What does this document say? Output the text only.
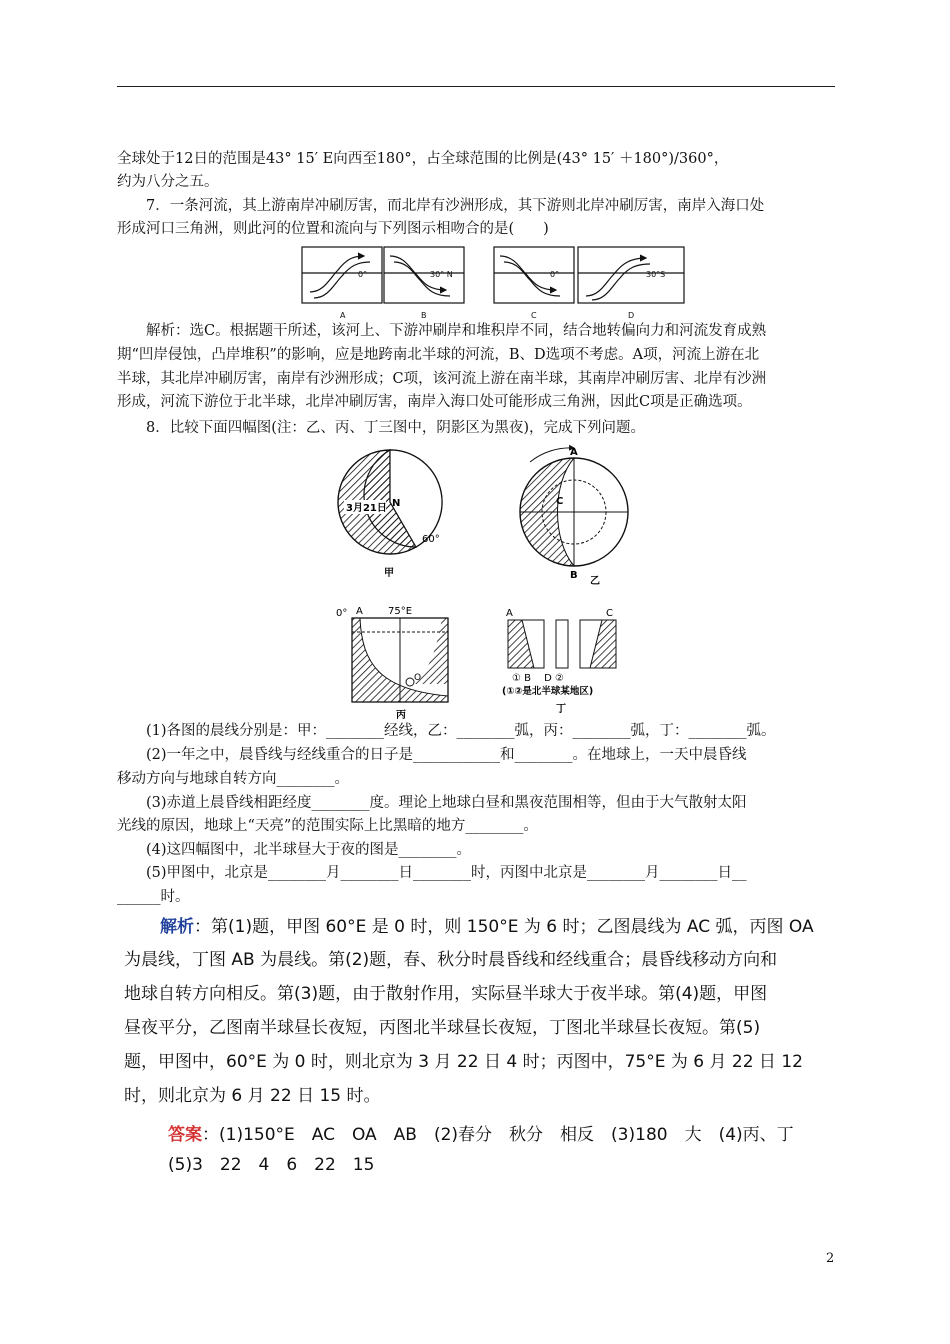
全球处于12日的范围是43° 15′ E向西至180°，占全球范围的比例是(43° 15′ ＋180°)/360°，
约为八分之五。
7．一条河流，其上游南岸冲刷厉害，而北岸有沙洲形成，其下游则北岸冲刷厉害，南岸入海口处
形成河口三角洲，则此河的位置和流向与下列图示相吻合的是(　　)
0°	30° N	0°	30°S
A	B	C	D
解析：选C。根据题干所述，该河上、下游冲刷岸和堆积岸不同，结合地转偏向力和河流发育成熟
期“凹岸侵蚀，凸岸堆积”的影响，应是地跨南北半球的河流，B、D选项不考虑。A项，河流上游在北
半球，其北岸冲刷厉害，南岸有沙洲形成；C项，该河流上游在南半球，其南岸冲刷厉害、北岸有沙洲
形成，河流下游位于北半球，北岸冲刷厉害，南岸入海口处可能形成三角洲，因此C项是正确选项。
8．比较下面四幅图(注：乙、丙、丁三图中，阴影区为黑夜)，完成下列问题。
3月21日 N
60°
甲
A
C
B
乙
0° A	75°E
O
丙
A	C
① B　 D ②
(①②是北半球某地区)
丁
(1)各图的晨线分别是：甲：________经线，乙：________弧，丙：________弧，丁：________弧。
(2)一年之中，晨昏线与经线重合的日子是____________和________。在地球上，一天中晨昏线
移动方向与地球自转方向________。
(3)赤道上晨昏线相距经度________度。理论上地球白昼和黑夜范围相等，但由于大气散射太阳
光线的原因，地球上“天亮”的范围实际上比黑暗的地方________。
(4)这四幅图中，北半球昼大于夜的图是________。
(5)甲图中，北京是________月________日________时，丙图中北京是________月________日__
______时。
解析：第(1)题，甲图 60°E 是 0 时，则 150°E 为 6 时；乙图晨线为 AC 弧，丙图 OA
为晨线，丁图 AB 为晨线。第(2)题，春、秋分时晨昏线和经线重合；晨昏线移动方向和
地球自转方向相反。第(3)题，由于散射作用，实际昼半球大于夜半球。第(4)题，甲图
昼夜平分，乙图南半球昼长夜短，丙图北半球昼长夜短，丁图北半球昼长夜短。第(5)
题，甲图中，60°E 为 0 时，则北京为 3 月 22 日 4 时；丙图中，75°E 为 6 月 22 日 12
时，则北京为 6 月 22 日 15 时。
答案：(1)150°E　AC　OA　AB　(2)春分　秋分　相反　(3)180　大　(4)丙、丁
(5)3　22　4　6　22　15
2
